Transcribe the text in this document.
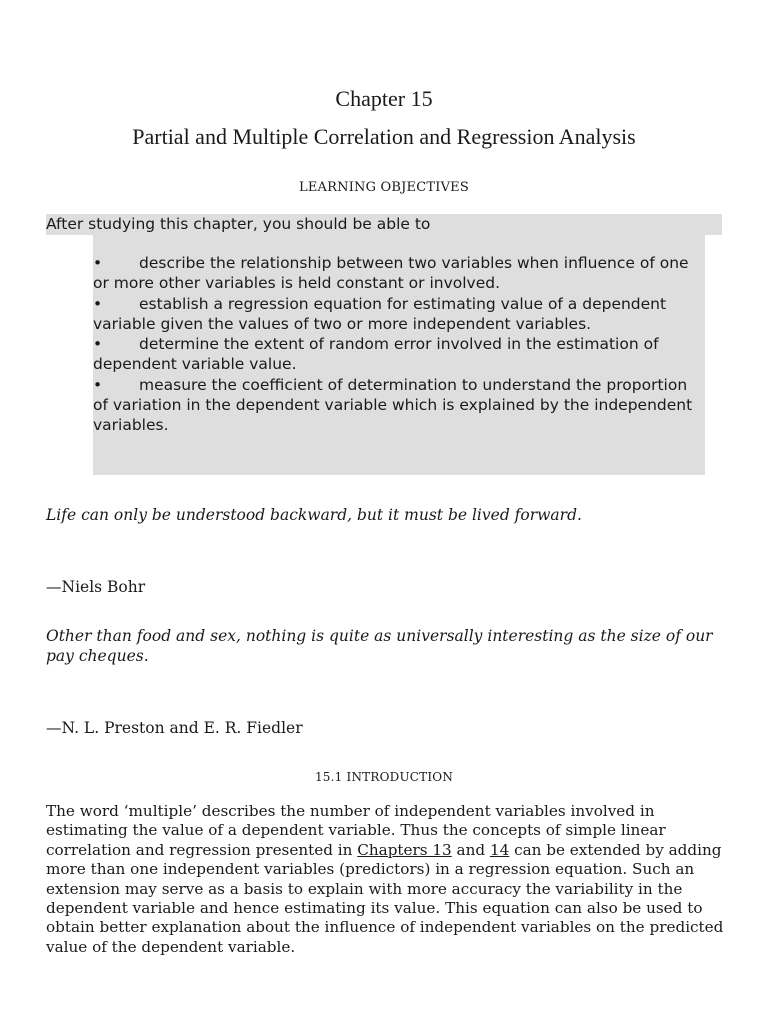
Chapter 15
Partial and Multiple Correlation and Regression Analysis
LEARNING OBJECTIVES
After studying this chapter, you should be able to
• describe the relationship between two variables when influence of one or more other variables is held constant or involved.
• establish a regression equation for estimating value of a dependent variable given the values of two or more independent variables.
• determine the extent of random error involved in the estimation of dependent variable value.
• measure the coefficient of determination to understand the proportion of variation in the dependent variable which is explained by the independent variables.
Life can only be understood backward, but it must be lived forward.
—Niels Bohr
Other than food and sex, nothing is quite as universally interesting as the size of our pay cheques.
—N. L. Preston and E. R. Fiedler
15.1 INTRODUCTION

The word ‘multiple’ describes the number of independent variables involved in estimating the value of a dependent variable. Thus the concepts of simple linear correlation and regression presented in Chapters 13 and 14 can be extended by adding more than one independent variables (predictors) in a regression equation. Such an extension may serve as a basis to explain with more accuracy the variability in the dependent variable and hence estimating its value. This equation can also be used to obtain better explanation about the influence of independent variables on the predicted value of the dependent variable.
